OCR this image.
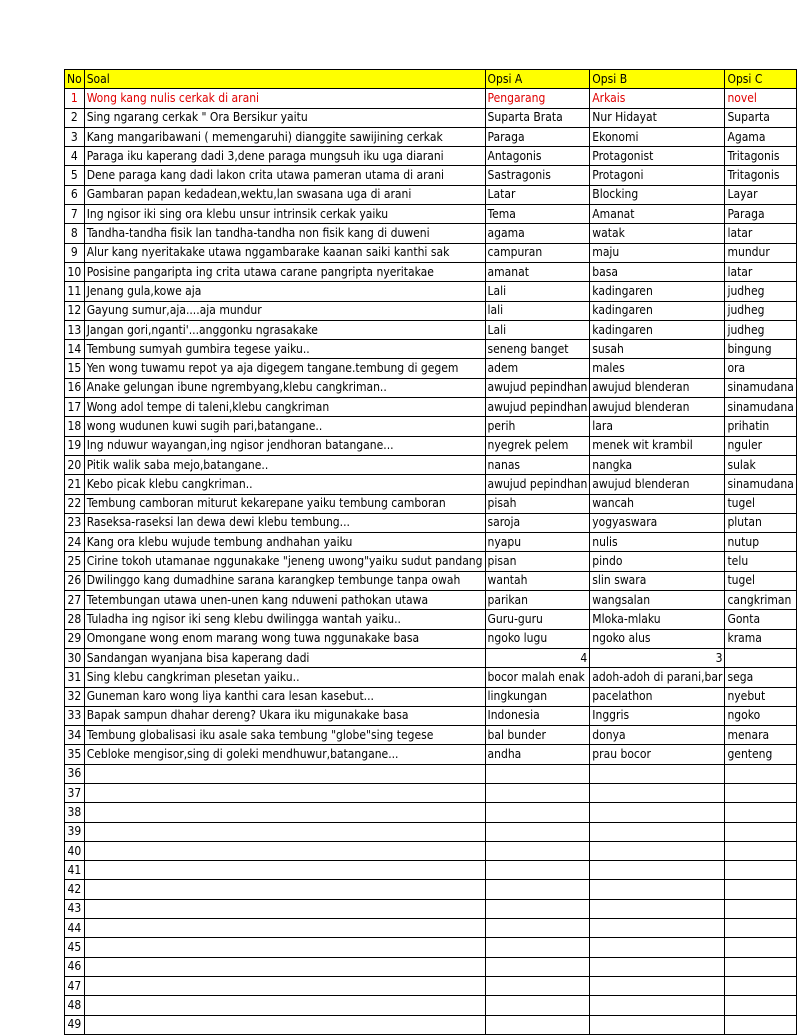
No	Soal	Opsi A	Opsi B	Opsi C
1	Wong kang nulis cerkak di arani	Pengarang	Arkais	novel
2	Sing ngarang cerkak " Ora Bersikur yaitu	Suparta Brata	Nur Hidayat	Suparta
3	Kang mangaribawani ( memengaruhi) dianggite sawijining cerkak	Paraga	Ekonomi	Agama
4	Paraga iku kaperang dadi 3,dene paraga mungsuh iku uga diarani	Antagonis	Protagonist	Tritagonis
5	Dene paraga kang dadi lakon crita utawa pameran utama di arani	Sastragonis	Protagoni	Tritagonis
6	Gambaran papan kedadean,wektu,lan swasana uga di arani	Latar	Blocking	Layar
7	Ing ngisor iki sing ora klebu unsur intrinsik cerkak yaiku	Tema	Amanat	Paraga
8	Tandha-tandha fisik lan tandha-tandha non fisik kang di duweni	agama	watak	latar
9	Alur kang nyeritakake utawa nggambarake kaanan saiki kanthi sak	campuran	maju	mundur
10	Posisine pangaripta ing crita utawa carane pangripta nyeritakae	amanat	basa	latar
11	Jenang gula,kowe aja	Lali	kadingaren	judheg
12	Gayung sumur,aja....aja mundur	lali	kadingaren	judheg
13	Jangan gori,nganti'...anggonku ngrasakake	Lali	kadingaren	judheg
14	Tembung sumyah gumbira tegese yaiku..	seneng banget	susah	bingung
15	Yen wong tuwamu repot ya aja digegem tangane.tembung di gegem	adem	males	ora
16	Anake gelungan ibune ngrembyang,klebu cangkriman..	awujud pepindhan	awujud blenderan	sinamudana
17	Wong adol tempe di taleni,klebu cangkriman	awujud pepindhan	awujud blenderan	sinamudana
18	wong wudunen kuwi sugih pari,batangane..	perih	lara	prihatin
19	Ing nduwur wayangan,ing ngisor jendhoran batangane...	nyegrek pelem	menek wit krambil	nguler
20	Pitik walik saba mejo,batangane..	nanas	nangka	sulak
21	Kebo picak klebu cangkriman..	awujud pepindhan	awujud blenderan	sinamudana
22	Tembung camboran miturut kekarepane yaiku tembung camboran	pisah	wancah	tugel
23	Raseksa-raseksi lan dewa dewi klebu tembung...	saroja	yogyaswara	plutan
24	Kang ora klebu wujude tembung andhahan yaiku	nyapu	nulis	nutup
25	Cirine tokoh utamanae nggunakake "jeneng uwong"yaiku sudut pandang	pisan	pindo	telu
26	Dwilinggo kang dumadhine sarana karangkep tembunge tanpa owah	wantah	slin swara	tugel
27	Tetembungan utawa unen-unen kang nduweni pathokan utawa	parikan	wangsalan	cangkriman
28	Tuladha ing ngisor iki seng klebu dwilingga wantah yaiku..	Guru-guru	Mloka-mlaku	Gonta
29	Omongane wong enom marang wong tuwa nggunakake basa	ngoko lugu	ngoko alus	krama
30	Sandangan wyanjana bisa kaperang dadi	4	3	
31	Sing klebu cangkriman plesetan yaiku..	bocor malah enak	adoh-adoh di parani,bar	sega
32	Guneman karo wong liya kanthi cara lesan kasebut...	lingkungan	pacelathon	nyebut
33	Bapak sampun dhahar dereng? Ukara iku migunakake basa	Indonesia	Inggris	ngoko
34	Tembung globalisasi iku asale saka tembung "globe"sing tegese	bal bunder	donya	menara
35	Cebloke mengisor,sing di goleki mendhuwur,batangane...	andha	prau bocor	genteng
36				
37				
38				
39				
40				
41				
42				
43				
44				
45				
46				
47				
48				
49				
